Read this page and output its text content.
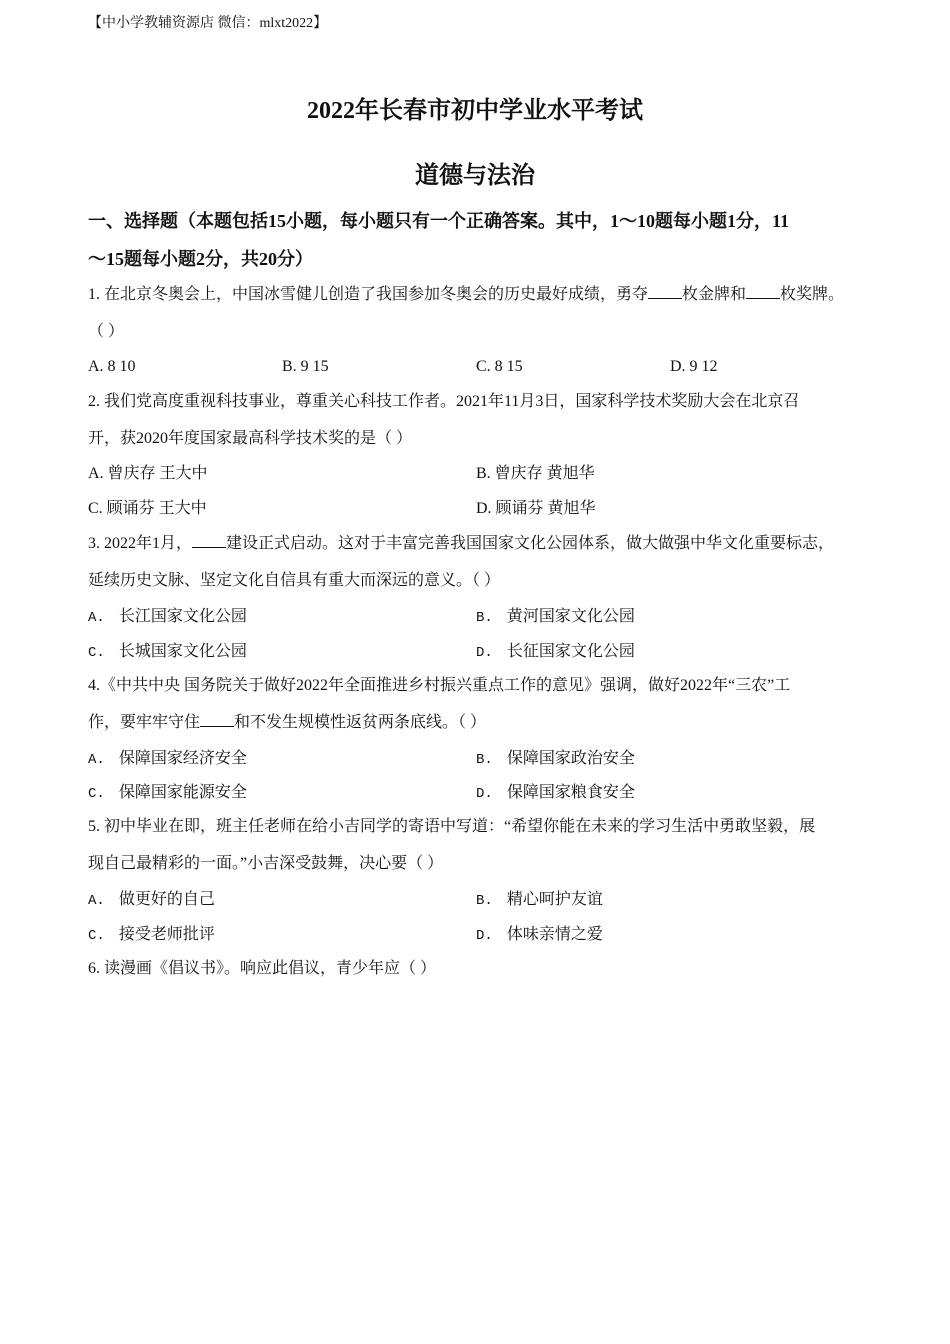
【中小学教辅资源店 微信：mlxt2022】
2022年长春市初中学业水平考试
道德与法治
一、选择题（本题包括15小题，每小题只有一个正确答案。其中，1～10题每小题1分，11
～15题每小题2分，共20分）
1. 在北京冬奥会上，中国冰雪健儿创造了我国参加冬奥会的历史最好成绩，勇夺 枚金牌和 枚奖牌。
（ ）
A. 8 10	B. 9 15	C. 8 15	D. 9 12
2. 我们党高度重视科技事业，尊重关心科技工作者。2021年11月3日，国家科学技术奖励大会在北京召
开，获2020年度国家最高科学技术奖的是（ ）
A. 曾庆存 王大中	B. 曾庆存 黄旭华
C. 顾诵芬 王大中	D. 顾诵芬 黄旭华
3. 2022年1月， 建设正式启动。这对于丰富完善我国国家文化公园体系，做大做强中华文化重要标志，
延续历史文脉、坚定文化自信具有重大而深远的意义。（ ）
A. 长江国家文化公园	B. 黄河国家文化公园
C. 长城国家文化公园	D. 长征国家文化公园
4.《中共中央 国务院关于做好2022年全面推进乡村振兴重点工作的意见》强调，做好2022年“三农”工
作，要牢牢守住 和不发生规模性返贫两条底线。（ ）
A. 保障国家经济安全	B. 保障国家政治安全
C. 保障国家能源安全	D. 保障国家粮食安全
5. 初中毕业在即，班主任老师在给小吉同学的寄语中写道：“希望你能在未来的学习生活中勇敢坚毅，展
现自己最精彩的一面。”小吉深受鼓舞，决心要（ ）
A. 做更好的自己	B. 精心呵护友谊
C. 接受老师批评	D. 体味亲情之爱
6. 读漫画《倡议书》。响应此倡议，青少年应（ ）
